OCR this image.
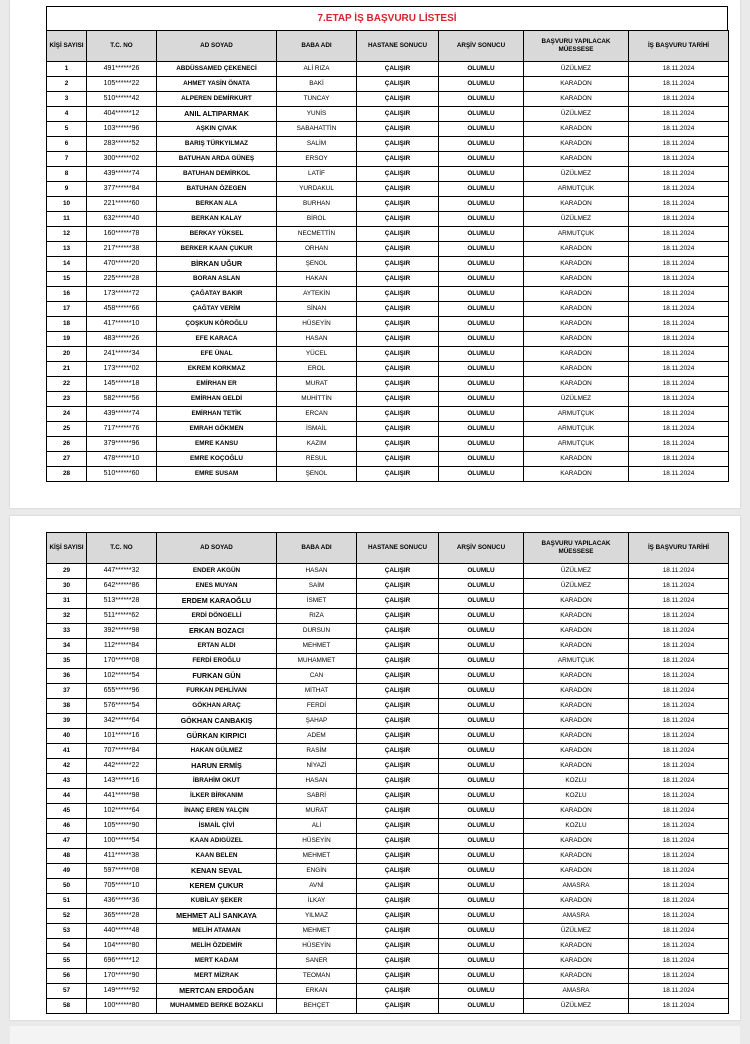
7.ETAP İŞ BAŞVURU LİSTESİ
KİŞİ SAYISI	T.C. NO	AD SOYAD	BABA ADI	HASTANE SONUCU	ARŞİV SONUCU	BAŞVURU YAPILACAK MÜESSESE	İŞ BAŞVURU TARİHİ
1	491******26	ABDÜSSAMED ÇEKENECİ	ALİ RIZA	ÇALIŞIR	OLUMLU	ÜZÜLMEZ	18.11.2024
2	105******22	AHMET YASİN ÖNATA	BAKİ	ÇALIŞIR	OLUMLU	KARADON	18.11.2024
3	510******42	ALPEREN DEMİRKURT	TUNCAY	ÇALIŞIR	OLUMLU	KARADON	18.11.2024
4	404******12	ANIL ALTIPARMAK	YUNİS	ÇALIŞIR	OLUMLU	ÜZÜLMEZ	18.11.2024
5	103******96	AŞKIN ÇIVAK	SABAHATTİN	ÇALIŞIR	OLUMLU	KARADON	18.11.2024
6	283******52	BARIŞ TÜRKYILMAZ	SALİM	ÇALIŞIR	OLUMLU	KARADON	18.11.2024
7	300******02	BATUHAN ARDA GÜNEŞ	ERSOY	ÇALIŞIR	OLUMLU	KARADON	18.11.2024
8	439******74	BATUHAN DEMİRKOL	LATİF	ÇALIŞIR	OLUMLU	ÜZÜLMEZ	18.11.2024
9	377******84	BATUHAN ÖZEGEN	YURDAKUL	ÇALIŞIR	OLUMLU	ARMUTÇUK	18.11.2024
10	221******60	BERKAN ALA	BURHAN	ÇALIŞIR	OLUMLU	KARADON	18.11.2024
11	632******40	BERKAN KALAY	BİROL	ÇALIŞIR	OLUMLU	ÜZÜLMEZ	18.11.2024
12	160******78	BERKAY YÜKSEL	NECMETTİN	ÇALIŞIR	OLUMLU	ARMUTÇUK	18.11.2024
13	217******38	BERKER KAAN ÇUKUR	ORHAN	ÇALIŞIR	OLUMLU	KARADON	18.11.2024
14	470******20	BİRKAN UĞUR	ŞENOL	ÇALIŞIR	OLUMLU	KARADON	18.11.2024
15	225******28	BORAN ASLAN	HAKAN	ÇALIŞIR	OLUMLU	KARADON	18.11.2024
16	173******72	ÇAĞATAY BAKIR	AYTEKİN	ÇALIŞIR	OLUMLU	KARADON	18.11.2024
17	458******66	ÇAĞTAY VERİM	SİNAN	ÇALIŞIR	OLUMLU	KARADON	18.11.2024
18	417******10	ÇOŞKUN KÖROĞLU	HÜSEYİN	ÇALIŞIR	OLUMLU	KARADON	18.11.2024
19	483******26	EFE KARACA	HASAN	ÇALIŞIR	OLUMLU	KARADON	18.11.2024
20	241******34	EFE ÜNAL	YÜCEL	ÇALIŞIR	OLUMLU	KARADON	18.11.2024
21	173******02	EKREM KORKMAZ	EROL	ÇALIŞIR	OLUMLU	KARADON	18.11.2024
22	145******18	EMİRHAN ER	MURAT	ÇALIŞIR	OLUMLU	KARADON	18.11.2024
23	582******56	EMİRHAN GELDİ	MUHİTTİN	ÇALIŞIR	OLUMLU	ÜZÜLMEZ	18.11.2024
24	439******74	EMİRHAN TETİK	ERCAN	ÇALIŞIR	OLUMLU	ARMUTÇUK	18.11.2024
25	717******76	EMRAH GÖKMEN	İSMAİL	ÇALIŞIR	OLUMLU	ARMUTÇUK	18.11.2024
26	379******96	EMRE KANSU	KAZIM	ÇALIŞIR	OLUMLU	ARMUTÇUK	18.11.2024
27	478******10	EMRE KOÇOĞLU	RESUL	ÇALIŞIR	OLUMLU	KARADON	18.11.2024
28	510******60	EMRE SUSAM	ŞENOL	ÇALIŞIR	OLUMLU	KARADON	18.11.2024
KİŞİ SAYISI	T.C. NO	AD SOYAD	BABA ADI	HASTANE SONUCU	ARŞİV SONUCU	BAŞVURU YAPILACAK MÜESSESE	İŞ BAŞVURU TARİHİ
29	447******32	ENDER AKGÜN	HASAN	ÇALIŞIR	OLUMLU	ÜZÜLMEZ	18.11.2024
30	642******86	ENES MUYAN	SAİM	ÇALIŞIR	OLUMLU	ÜZÜLMEZ	18.11.2024
31	513******28	ERDEM KARAOĞLU	İSMET	ÇALIŞIR	OLUMLU	KARADON	18.11.2024
32	511******62	ERDİ DÖNGELLİ	RIZA	ÇALIŞIR	OLUMLU	KARADON	18.11.2024
33	392******98	ERKAN BOZACI	DURSUN	ÇALIŞIR	OLUMLU	KARADON	18.11.2024
34	112******84	ERTAN ALDI	MEHMET	ÇALIŞIR	OLUMLU	KARADON	18.11.2024
35	170******08	FERDİ EROĞLU	MUHAMMET	ÇALIŞIR	OLUMLU	ARMUTÇUK	18.11.2024
36	102******54	FURKAN GÜN	CAN	ÇALIŞIR	OLUMLU	KARADON	18.11.2024
37	655******96	FURKAN PEHLİVAN	MİTHAT	ÇALIŞIR	OLUMLU	KARADON	18.11.2024
38	576******54	GÖKHAN ARAÇ	FERDİ	ÇALIŞIR	OLUMLU	KARADON	18.11.2024
39	342******64	GÖKHAN CANBAKIŞ	ŞAHAP	ÇALIŞIR	OLUMLU	KARADON	18.11.2024
40	101******16	GÜRKAN KIRPICI	ADEM	ÇALIŞIR	OLUMLU	KARADON	18.11.2024
41	707******84	HAKAN GÜLMEZ	RASİM	ÇALIŞIR	OLUMLU	KARADON	18.11.2024
42	442******22	HARUN ERMİŞ	NİYAZİ	ÇALIŞIR	OLUMLU	KARADON	18.11.2024
43	143******16	İBRAHİM OKUT	HASAN	ÇALIŞIR	OLUMLU	KOZLU	18.11.2024
44	441******98	İLKER BİRKANIM	SABRİ	ÇALIŞIR	OLUMLU	KOZLU	18.11.2024
45	102******64	İNANÇ EREN YALÇIN	MURAT	ÇALIŞIR	OLUMLU	KARADON	18.11.2024
46	105******90	İSMAİL ÇİVİ	ALİ	ÇALIŞIR	OLUMLU	KOZLU	18.11.2024
47	100******54	KAAN ADIGÜZEL	HÜSEYİN	ÇALIŞIR	OLUMLU	KARADON	18.11.2024
48	411******38	KAAN BELEN	MEHMET	ÇALIŞIR	OLUMLU	KARADON	18.11.2024
49	597******08	KENAN SEVAL	ENGİN	ÇALIŞIR	OLUMLU	KARADON	18.11.2024
50	705******10	KEREM ÇUKUR	AVNİ	ÇALIŞIR	OLUMLU	AMASRA	18.11.2024
51	436******36	KUBİLAY ŞEKER	İLKAY	ÇALIŞIR	OLUMLU	KARADON	18.11.2024
52	365******28	MEHMET ALİ SANKAYA	YILMAZ	ÇALIŞIR	OLUMLU	AMASRA	18.11.2024
53	440******48	MELİH ATAMAN	MEHMET	ÇALIŞIR	OLUMLU	ÜZÜLMEZ	18.11.2024
54	104******80	MELİH ÖZDEMİR	HÜSEYİN	ÇALIŞIR	OLUMLU	KARADON	18.11.2024
55	696******12	MERT KADAM	SANER	ÇALIŞIR	OLUMLU	KARADON	18.11.2024
56	170******90	MERT MİZRAK	TEOMAN	ÇALIŞIR	OLUMLU	KARADON	18.11.2024
57	149******92	MERTCAN ERDOĞAN	ERKAN	ÇALIŞIR	OLUMLU	AMASRA	18.11.2024
58	100******80	MUHAMMED BERKE BOZAKLI	BEHÇET	ÇALIŞIR	OLUMLU	ÜZÜLMEZ	18.11.2024
